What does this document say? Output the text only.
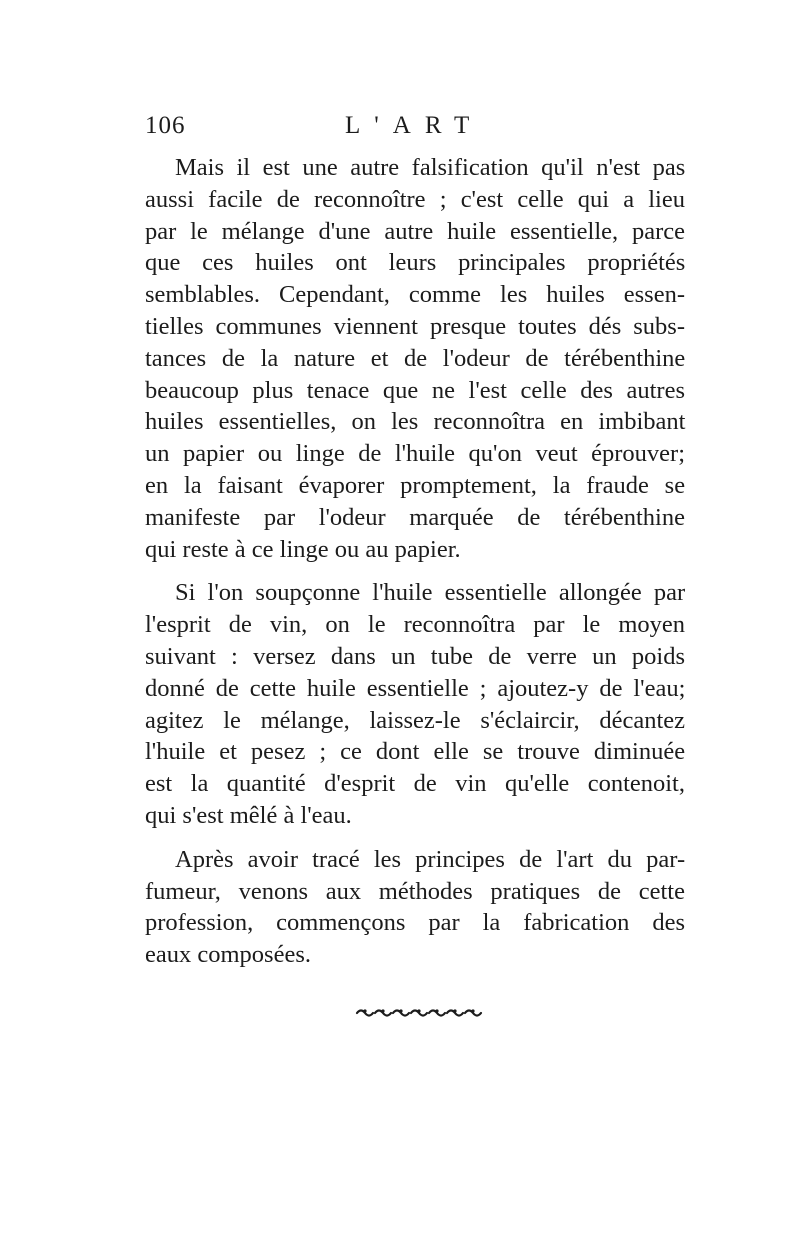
106	L'ART

Mais il est une autre falsification qu'il n'est pas
aussi facile de reconnoître ; c'est celle qui a lieu
par le mélange d'une autre huile essentielle, parce
que ces huiles ont leurs principales propriétés
semblables. Cependant, comme les huiles essen-
tielles communes viennent presque toutes dés subs-
tances de la nature et de l'odeur de térébenthine
beaucoup plus tenace que ne l'est celle des autres
huiles essentielles, on les reconnoîtra en imbibant
un papier ou linge de l'huile qu'on veut éprouver;
en la faisant évaporer promptement, la fraude se
manifeste par l'odeur marquée de térébenthine
qui reste à ce linge ou au papier.

Si l'on soupçonne l'huile essentielle allongée par
l'esprit de vin, on le reconnoîtra par le moyen
suivant : versez dans un tube de verre un poids
donné de cette huile essentielle ; ajoutez-y de l'eau;
agitez le mélange, laissez-le s'éclaircir, décantez
l'huile et pesez ; ce dont elle se trouve diminuée
est la quantité d'esprit de vin qu'elle contenoit,
qui s'est mêlé à l'eau.

Après avoir tracé les principes de l'art du par-
fumeur, venons aux méthodes pratiques de cette
profession, commençons par la fabrication des
eaux composées.
